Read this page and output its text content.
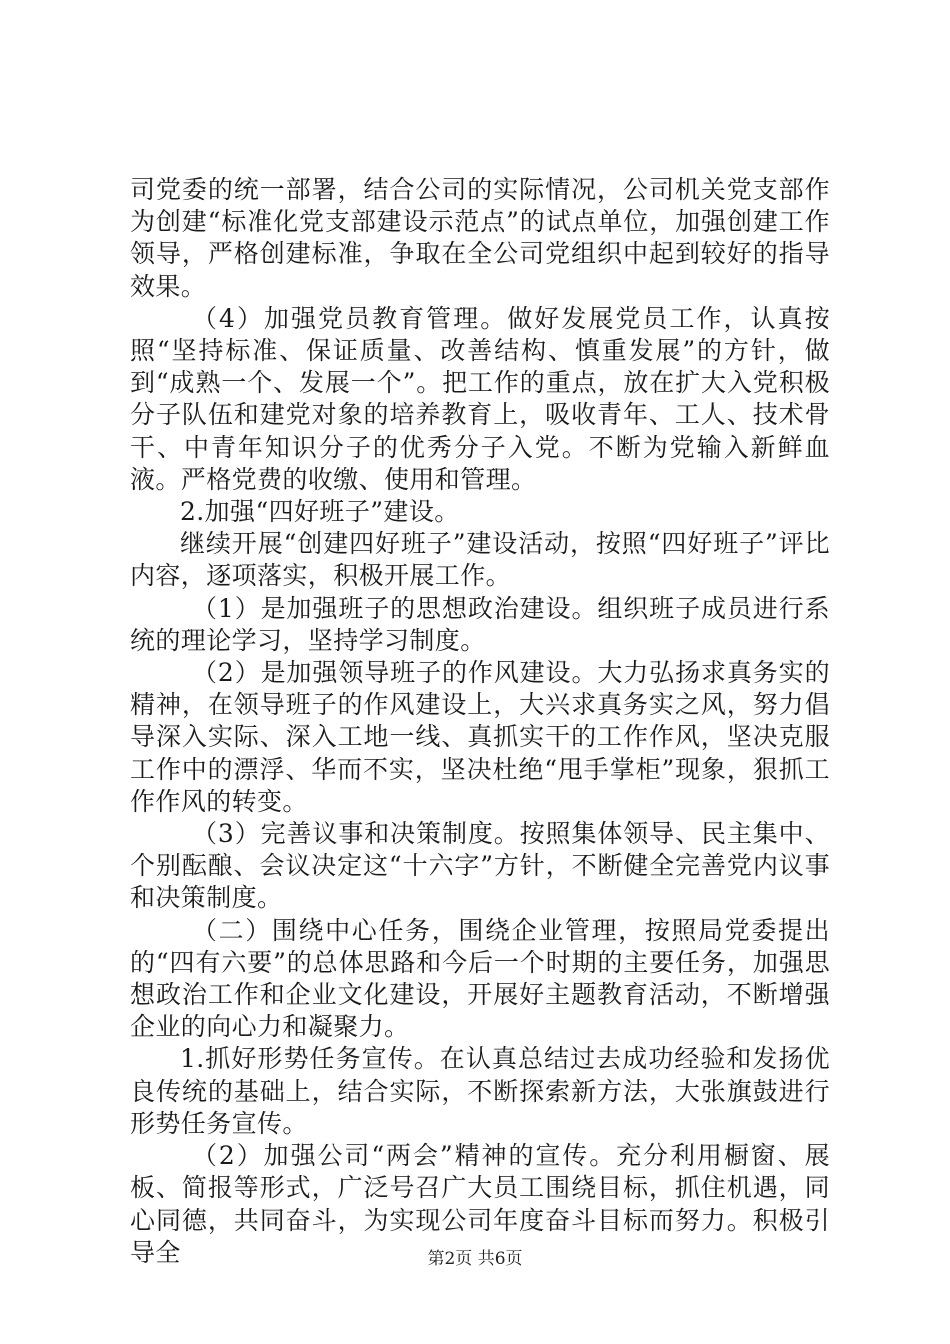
司党委的统一部署，结合公司的实际情况，公司机关党支部作为创建“标准化党支部建设示范点”的试点单位，加强创建工作领导，严格创建标准，争取在全公司党组织中起到较好的指导效果。

（4）加强党员教育管理。做好发展党员工作，认真按照“坚持标准、保证质量、改善结构、慎重发展”的方针，做到“成熟一个、发展一个”。把工作的重点，放在扩大入党积极分子队伍和建党对象的培养教育上，吸收青年、工人、技术骨干、中青年知识分子的优秀分子入党。不断为党输入新鲜血液。严格党费的收缴、使用和管理。

2.加强“四好班子”建设。

继续开展“创建四好班子”建设活动，按照“四好班子”评比内容，逐项落实，积极开展工作。

（1）是加强班子的思想政治建设。组织班子成员进行系统的理论学习，坚持学习制度。

（2）是加强领导班子的作风建设。大力弘扬求真务实的精神，在领导班子的作风建设上，大兴求真务实之风，努力倡导深入实际、深入工地一线、真抓实干的工作作风，坚决克服工作中的漂浮、华而不实，坚决杜绝“甩手掌柜”现象，狠抓工作作风的转变。

（3）完善议事和决策制度。按照集体领导、民主集中、个别酝酿、会议决定这“十六字”方针，不断健全完善党内议事和决策制度。

（二）围绕中心任务，围绕企业管理，按照局党委提出的“四有六要”的总体思路和今后一个时期的主要任务，加强思想政治工作和企业文化建设，开展好主题教育活动，不断增强企业的向心力和凝聚力。

1.抓好形势任务宣传。在认真总结过去成功经验和发扬优良传统的基础上，结合实际，不断探索新方法，大张旗鼓进行形势任务宣传。

（2）加强公司“两会”精神的宣传。充分利用橱窗、展板、简报等形式，广泛号召广大员工围绕目标，抓住机遇，同心同德，共同奋斗，为实现公司年度奋斗目标而努力。积极引导全	第2页 共6页
